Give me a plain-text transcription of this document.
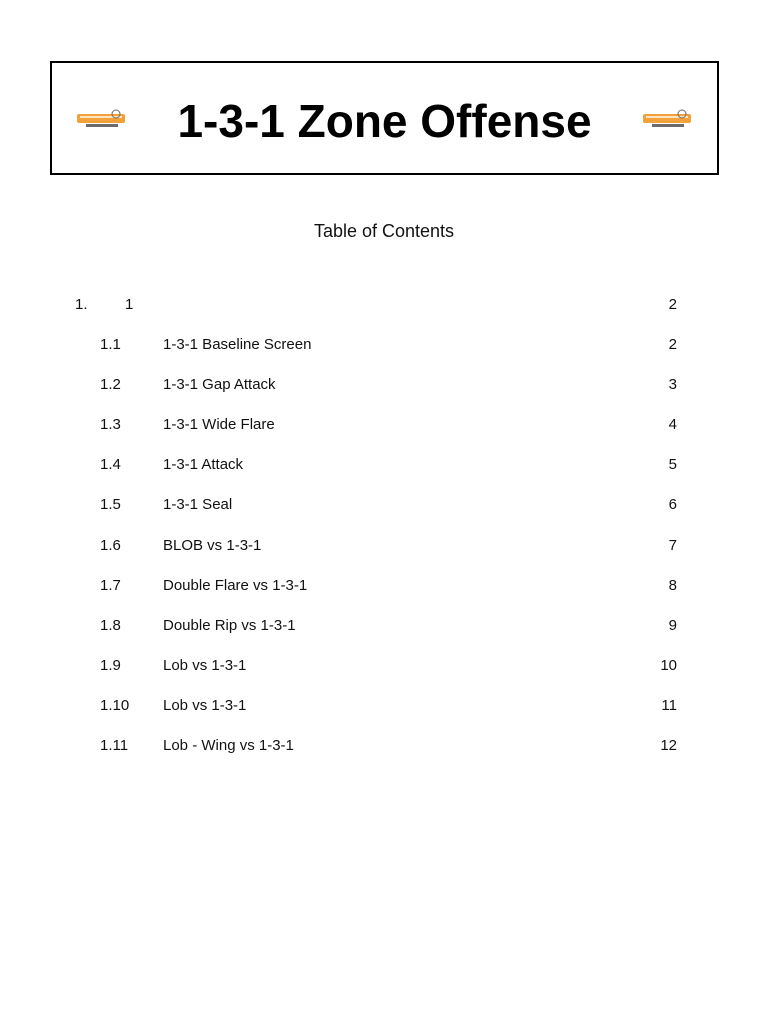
1-3-1 Zone Offense
Table of Contents
1. 1	2
1.1	1-3-1 Baseline Screen	2
1.2	1-3-1 Gap Attack	3
1.3	1-3-1 Wide Flare	4
1.4	1-3-1 Attack	5
1.5	1-3-1 Seal	6
1.6	BLOB vs 1-3-1	7
1.7	Double Flare vs 1-3-1	8
1.8	Double Rip vs 1-3-1	9
1.9	Lob vs 1-3-1	10
1.10 Lob vs 1-3-1	11
1.11 Lob - Wing vs 1-3-1	12
